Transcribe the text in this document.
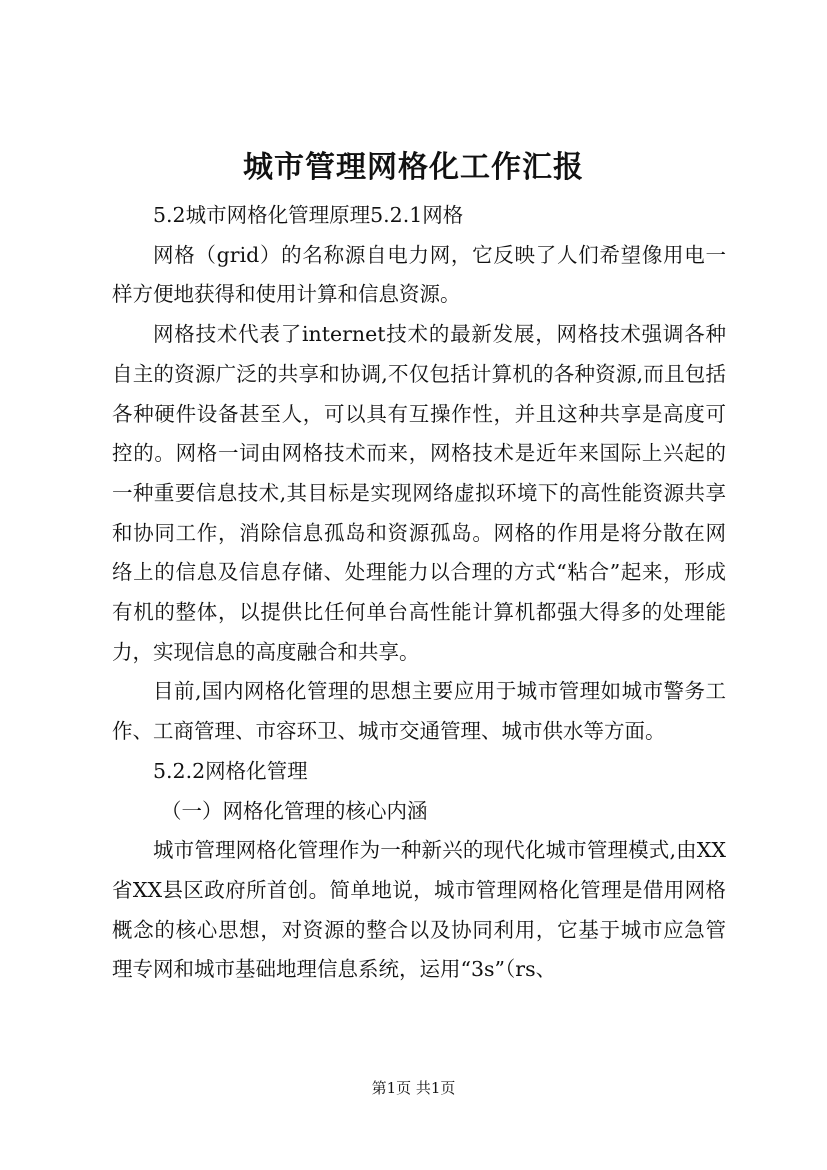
城市管理网格化工作汇报

5.2城市网格化管理原理5.2.1网格

网格（grid）的名称源自电力网，它反映了人们希望像用电一样方便地获得和使用计算和信息资源。

网格技术代表了internet技术的最新发展，网格技术强调各种自主的资源广泛的共享和协调,不仅包括计算机的各种资源,而且包括各种硬件设备甚至人，可以具有互操作性，并且这种共享是高度可控的。网格一词由网格技术而来，网格技术是近年来国际上兴起的一种重要信息技术,其目标是实现网络虚拟环境下的高性能资源共享和协同工作，消除信息孤岛和资源孤岛。网格的作用是将分散在网络上的信息及信息存储、处理能力以合理的方式“粘合”起来，形成有机的整体，以提供比任何单台高性能计算机都强大得多的处理能力，实现信息的高度融合和共享。

目前,国内网格化管理的思想主要应用于城市管理如城市警务工作、工商管理、市容环卫、城市交通管理、城市供水等方面。

5.2.2网格化管理

（一）网格化管理的核心内涵

城市管理网格化管理作为一种新兴的现代化城市管理模式,由XX省XX县区政府所首创。简单地说，城市管理网格化管理是借用网格概念的核心思想，对资源的整合以及协同利用，它基于城市应急管理专网和城市基础地理信息系统，运用“3s”（rs、

第1页 共1页
